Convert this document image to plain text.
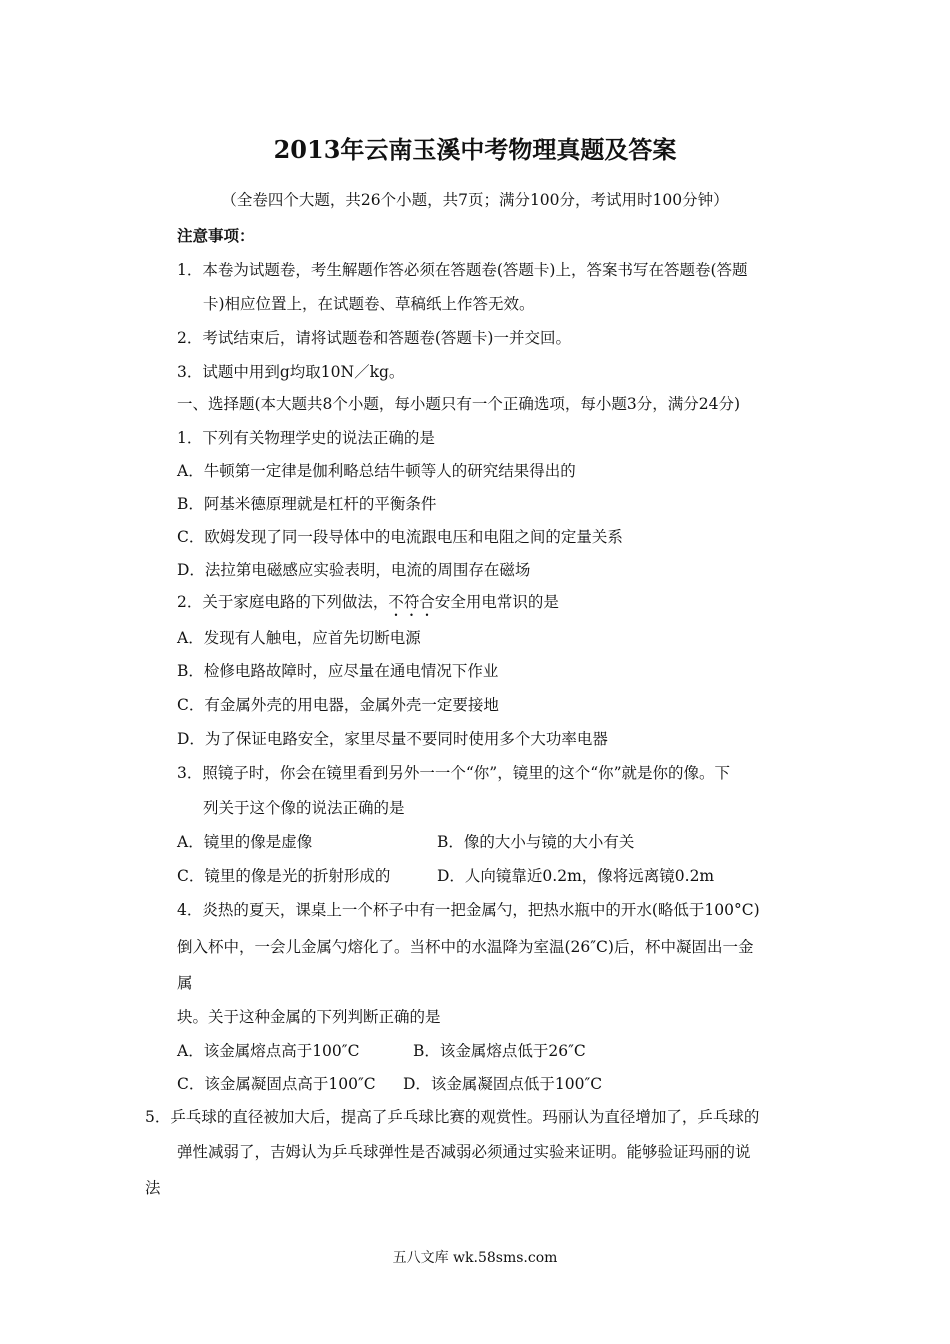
2013年云南玉溪中考物理真题及答案
（全卷四个大题，共26个小题，共7页；满分100分，考试用时100分钟）
注意事项：
1．本卷为试题卷，考生解题作答必须在答题卷(答题卡)上，答案书写在答题卷(答题
卡)相应位置上，在试题卷、草稿纸上作答无效。
2．考试结束后，请将试题卷和答题卷(答题卡)一并交回。
3．试题中用到g均取10N／kg。
一、选择题(本大题共8个小题，每小题只有一个正确选项，每小题3分，满分24分)
1．下列有关物理学史的说法正确的是
A．牛顿第一定律是伽利略总结牛顿等人的研究结果得出的
B．阿基米德原理就是杠杆的平衡条件
C．欧姆发现了同一段导体中的电流跟电压和电阻之间的定量关系
D．法拉第电磁感应实验表明，电流的周围存在磁场
2．关于家庭电路的下列做法，不符合安全用电常识的是
A．发现有人触电，应首先切断电源
B．检修电路故障时，应尽量在通电情况下作业
C．有金属外壳的用电器，金属外壳一定要接地
D．为了保证电路安全，家里尽量不要同时使用多个大功率电器
3．照镜子时，你会在镜里看到另外一一个“你”，镜里的这个“你”就是你的像。下
列关于这个像的说法正确的是
A．镜里的像是虚像	B．像的大小与镜的大小有关
C．镜里的像是光的折射形成的	D．人向镜靠近0.2m，像将远离镜0.2m
4．炎热的夏天，课桌上一个杯子中有一把金属勺，把热水瓶中的开水(略低于100°C)
倒入杯中，一会儿金属勺熔化了。当杯中的水温降为室温(26″C)后，杯中凝固出一金
属
块。关于这种金属的下列判断正确的是
A．该金属熔点高于100″C	B．该金属熔点低于26″C
C．该金属凝固点高于100″C D．该金属凝固点低于100″C
5．乒乓球的直径被加大后，提高了乒乓球比赛的观赏性。玛丽认为直径增加了，乒乓球的
弹性减弱了，吉姆认为乒乓球弹性是否减弱必须通过实验来证明。能够验证玛丽的说
法
五八文库 wk.58sms.com
